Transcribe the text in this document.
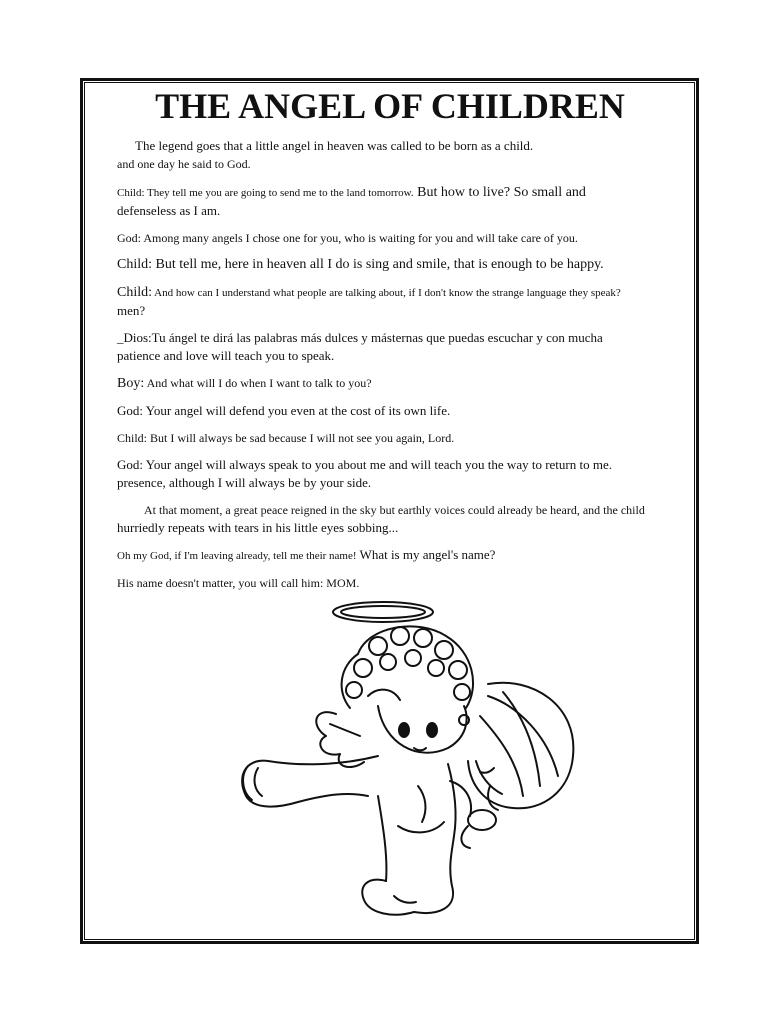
THE ANGEL OF CHILDREN

The legend goes that a little angel in heaven was called to be born as a child.
and one day he said to God.

Child: They tell me you are going to send me to the land tomorrow. But how to live? So small and
defenseless as I am.

God: Among many angels I chose one for you, who is waiting for you and will take care of you.

Child: But tell me, here in heaven all I do is sing and smile, that is enough to be happy.

Child: And how can I understand what people are talking about, if I don't know the strange language they speak?
men?

_Dios:Tu ángel te dirá las palabras más dulces y másternas que puedas escuchar y con mucha
patience and love will teach you to speak.

Boy: And what will I do when I want to talk to you?

God: Your angel will defend you even at the cost of its own life.

Child: But I will always be sad because I will not see you again, Lord.

God: Your angel will always speak to you about me and will teach you the way to return to me.
presence, although I will always be by your side.

At that moment, a great peace reigned in the sky but earthly voices could already be heard, and the child
hurriedly repeats with tears in his little eyes sobbing...

Oh my God, if I'm leaving already, tell me their name! What is my angel's name?

His name doesn't matter, you will call him: MOM.
